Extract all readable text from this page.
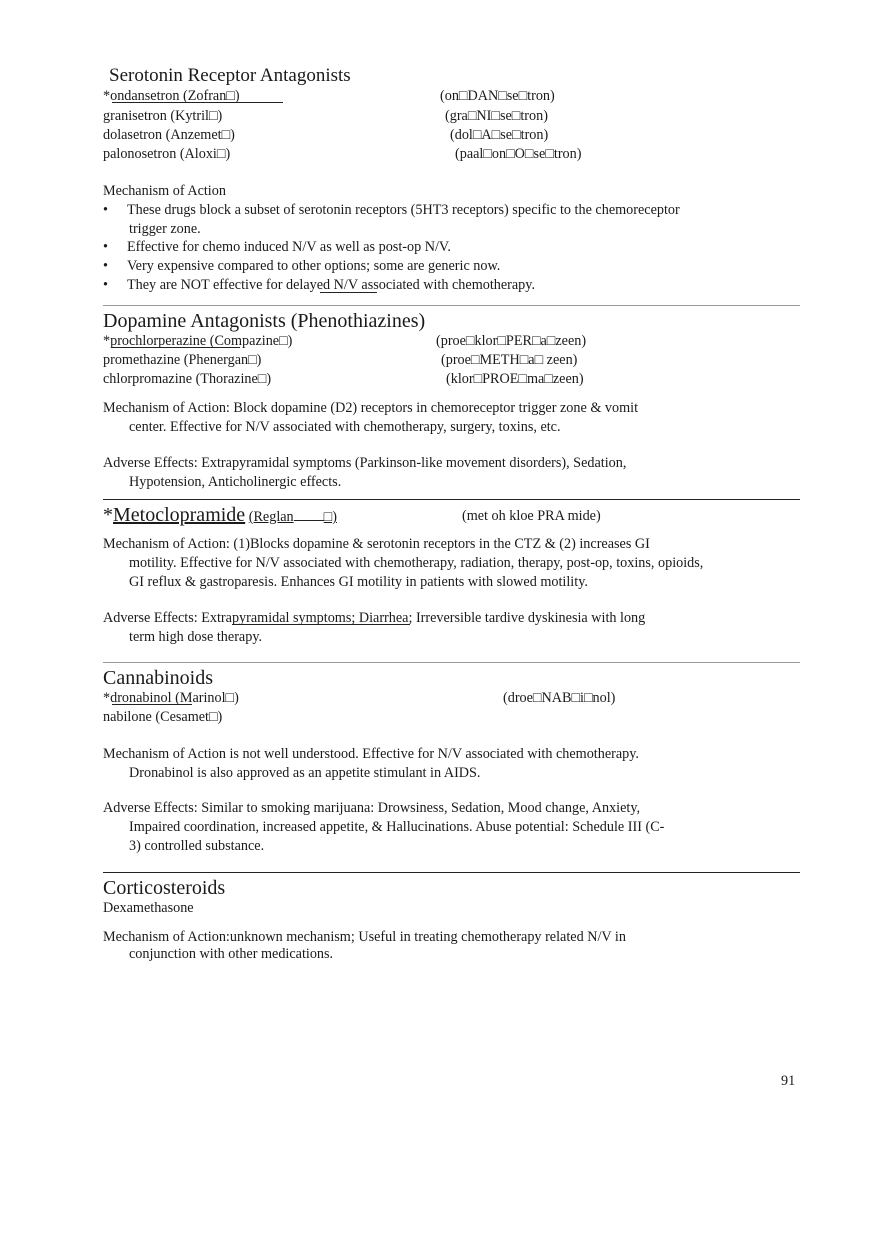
Serotonin Receptor Antagonists
*ondansetron (Zofran□)	(on□DAN□se□tron)
granisetron (Kytril□)	(gra□NI□se□tron)
dolasetron (Anzemet□)	(dol□A□se□tron)
palonosetron (Aloxi□)	(paal□on□O□se□tron)
Mechanism of Action
• These drugs block a subset of serotonin receptors (5HT3 receptors) specific to the chemoreceptor
trigger zone.
• Effective for chemo induced N/V as well as post-op N/V.
• Very expensive compared to other options; some are generic now.
• They are NOT effective for delayed N/V associated with chemotherapy.
Dopamine Antagonists (Phenothiazines)
*prochlorperazine (Compazine□)	(proe□klor□PER□a□zeen)
promethazine (Phenergan□)	(proe□METH□a□ zeen)
chlorpromazine (Thorazine□)	(klor□PROE□ma□zeen)
Mechanism of Action: Block dopamine (D2) receptors in chemoreceptor trigger zone & vomit
center. Effective for N/V associated with chemotherapy, surgery, toxins, etc.
Adverse Effects: Extrapyramidal symptoms (Parkinson-like movement disorders), Sedation,
Hypotension, Anticholinergic effects.
*Metoclopramide (Reglan □)	(met oh kloe PRA mide)
Mechanism of Action: (1)Blocks dopamine & serotonin receptors in the CTZ & (2) increases GI
motility. Effective for N/V associated with chemotherapy, radiation, therapy, post-op, toxins, opioids,
GI reflux & gastroparesis. Enhances GI motility in patients with slowed motility.
Adverse Effects: Extrapyramidal symptoms; Diarrhea; Irreversible tardive dyskinesia with long
term high dose therapy.
Cannabinoids
*dronabinol (Marinol□)	(droe□NAB□i□nol)
nabilone (Cesamet□)
Mechanism of Action is not well understood. Effective for N/V associated with chemotherapy.
Dronabinol is also approved as an appetite stimulant in AIDS.
Adverse Effects: Similar to smoking marijuana: Drowsiness, Sedation, Mood change, Anxiety,
Impaired coordination, increased appetite, & Hallucinations. Abuse potential: Schedule III (C-
3) controlled substance.
Corticosteroids
Dexamethasone
Mechanism of Action:unknown mechanism; Useful in treating chemotherapy related N/V in
conjunction with other medications.
91
